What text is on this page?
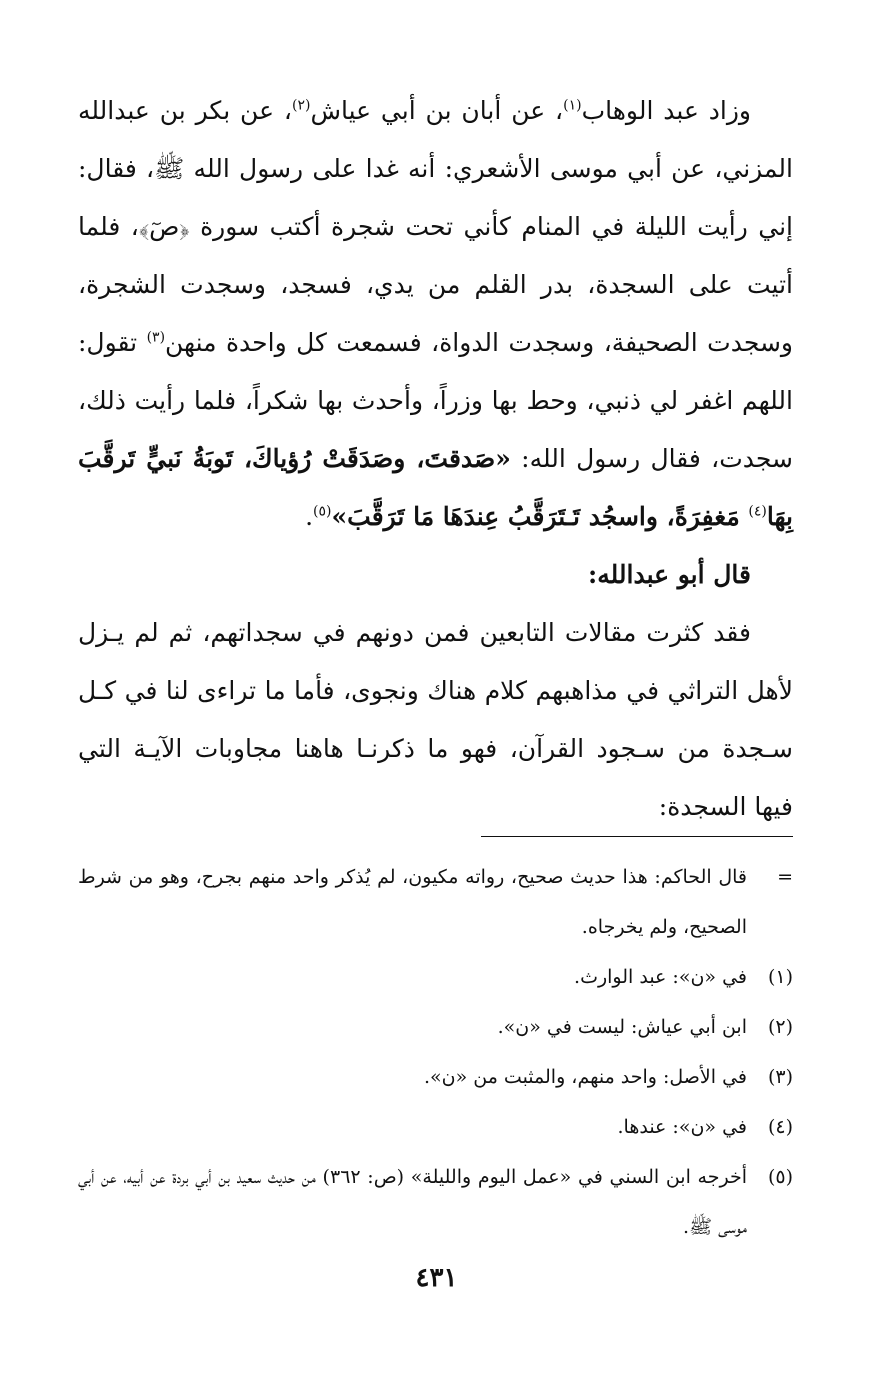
وزاد عبد الوهاب$^{(١)}$، عن أبان بن أبي عياش$^{(٢)}$، عن بكر بن عبدالله المزني، عن أبي موسى الأشعري: أنه غدا على رسول الله ﷺ، فقال: إني رأيت الليلة في المنام كأني تحت شجرة أكتب سورة ﴿صٓ﴾، فلما أتيت على السجدة، بدر القلم من يدي، فسجد، وسجدت الشجرة، وسجدت الصحيفة، وسجدت الدواة، فسمعت كل واحدة منهن$^{(٣)}$ تقول: اللهم اغفر لي ذنبي، وحط بها وزراً، وأحدث بها شكراً، فلما رأيت ذلك، سجدت، فقال رسول الله: «صَدقتَ، وصَدَقَتْ رُؤياكَ، تَوبَةُ نَبيٍّ تَرقَّبَ بِهَا$^{(٤)}$ مَغفِرَةً، واسجُد تَـتَرَقَّبُ عِندَهَا مَا تَرَقَّبَ»$^{(٥)}$.

قال أبو عبدالله:

فقد كثرت مقالات التابعين فمن دونهم في سجداتهم، ثم لم يـزل لأهل التراثي في مذاهبهم كلام هناك ونجوى، فأما ما تراءى لنا في كـل سـجدة من سـجود القرآن، فهو ما ذكرنـا هاهنا مجاوبات الآيـة التي فيها السجدة:

=
قال الحاكم: هذا حديث صحيح، رواته مكيون، لم يُذكر واحد منهم بجرح، وهو من شرط الصحيح، ولم يخرجاه.
(١)
في «ن»: عبد الوارث.
(٢)
ابن أبي عياش: ليست في «ن».
(٣)
في الأصل: واحد منهم، والمثبت من «ن».
(٤)
في «ن»: عندها.
(٥)
أخرجه ابن السني في «عمل اليوم والليلة» (ص: ٣٦٢) من حديث سعيد بن أبي بردة عن أبيه، عن أبي موسى ﷺ.
٤٣١
